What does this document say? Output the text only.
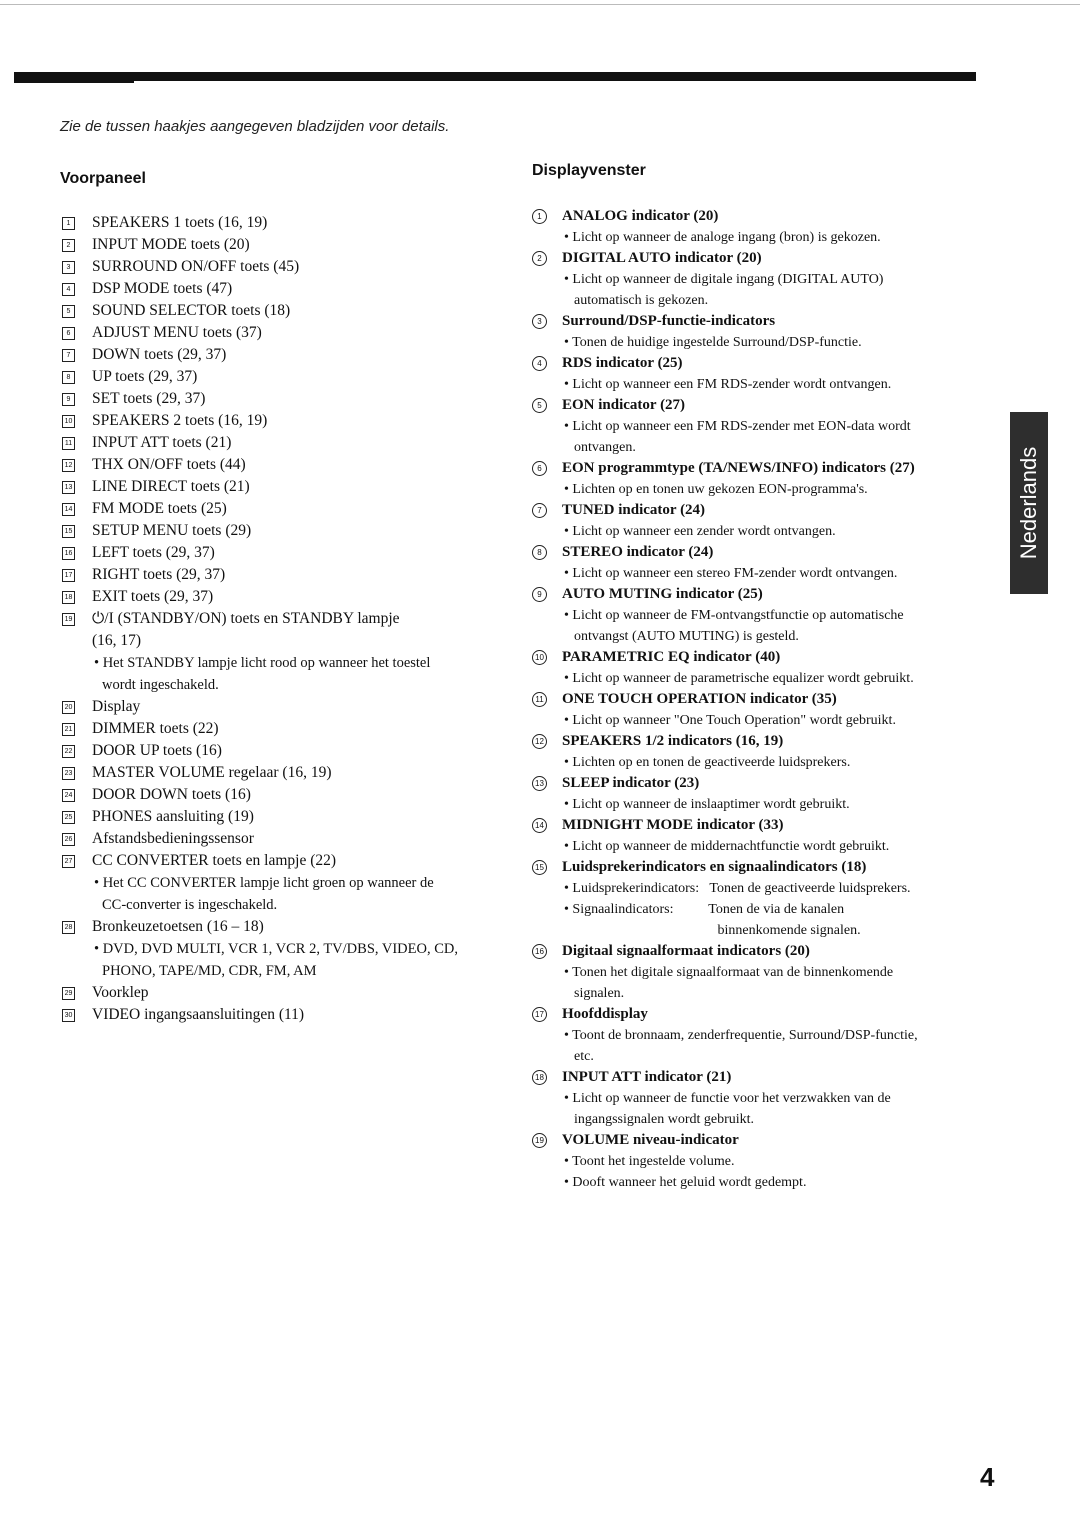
Zie de tussen haakjes aangegeven bladzijden voor details.
Voorpaneel	Displayvenster
1 SPEAKERS 1 toets (16, 19)
2 INPUT MODE toets (20)
3 SURROUND ON/OFF toets (45)
4 DSP MODE toets (47)
5 SOUND SELECTOR toets (18)
6 ADJUST MENU toets (37)
7 DOWN toets (29, 37)
8 UP toets (29, 37)
9 SET toets (29, 37)
10 SPEAKERS 2 toets (16, 19)
11 INPUT ATT toets (21)
12 THX ON/OFF toets (44)
13 LINE DIRECT toets (21)
14 FM MODE toets (25)
15 SETUP MENU toets (29)
16 LEFT toets (29, 37)
17 RIGHT toets (29, 37)
18 EXIT toets (29, 37)
19 ⏻/I (STANDBY/ON) toets en STANDBY lampje
(16, 17)
• Het STANDBY lampje licht rood op wanneer het toestel
wordt ingeschakeld.
20 Display
21 DIMMER toets (22)
22 DOOR UP toets (16)
23 MASTER VOLUME regelaar (16, 19)
24 DOOR DOWN toets (16)
25 PHONES aansluiting (19)
26 Afstandsbedieningssensor
27 CC CONVERTER toets en lampje (22)
• Het CC CONVERTER lampje licht groen op wanneer de
CC-converter is ingeschakeld.
28 Bronkeuzetoetsen (16 – 18)
• DVD, DVD MULTI, VCR 1, VCR 2, TV/DBS, VIDEO, CD,
PHONO, TAPE/MD, CDR, FM, AM
29 Voorklep
30 VIDEO ingangsaansluitingen (11)
1	ANALOG indicator (20)
• Licht op wanneer de analoge ingang (bron) is gekozen.
2	DIGITAL AUTO indicator (20)
• Licht op wanneer de digitale ingang (DIGITAL AUTO)
automatisch is gekozen.
3	Surround/DSP-functie-indicators
• Tonen de huidige ingestelde Surround/DSP-functie.
4	RDS indicator (25)
• Licht op wanneer een FM RDS-zender wordt ontvangen.
5	EON indicator (27)
• Licht op wanneer een FM RDS-zender met EON-data wordt
ontvangen.
6	EON programmtype (TA/NEWS/INFO) indicators (27)
• Lichten op en tonen uw gekozen EON-programma's.
7	TUNED indicator (24)
• Licht op wanneer een zender wordt ontvangen.
8	STEREO indicator (24)
• Licht op wanneer een stereo FM-zender wordt ontvangen.
9	AUTO MUTING indicator (25)
• Licht op wanneer de FM-ontvangstfunctie op automatische
ontvangst (AUTO MUTING) is gesteld.
10 PARAMETRIC EQ indicator (40)
• Licht op wanneer de parametrische equalizer wordt gebruikt.
11 ONE TOUCH OPERATION indicator (35)
• Licht op wanneer "One Touch Operation" wordt gebruikt.
12 SPEAKERS 1/2 indicators (16, 19)
• Lichten op en tonen de geactiveerde luidsprekers.
13 SLEEP indicator (23)
• Licht op wanneer de inslaaptimer wordt gebruikt.
14 MIDNIGHT MODE indicator (33)
• Licht op wanneer de middernachtfunctie wordt gebruikt.
15 Luidsprekerindicators en signaalindicators (18)
• Luidsprekerindicators:   Tonen de geactiveerde luidsprekers.
• Signaalindicators:          Tonen de via de kanalen
binnenkomende signalen.
16 Digitaal signaalformaat indicators (20)
• Tonen het digitale signaalformaat van de binnenkomende
signalen.
17 Hoofddisplay
• Toont de bronnaam, zenderfrequentie, Surround/DSP-functie,
etc.
18 INPUT ATT indicator (21)
• Licht op wanneer de functie voor het verzwakken van de
ingangssignalen wordt gebruikt.
19 VOLUME niveau-indicator
• Toont het ingestelde volume.
• Dooft wanneer het geluid wordt gedempt.
Nederlands
4
